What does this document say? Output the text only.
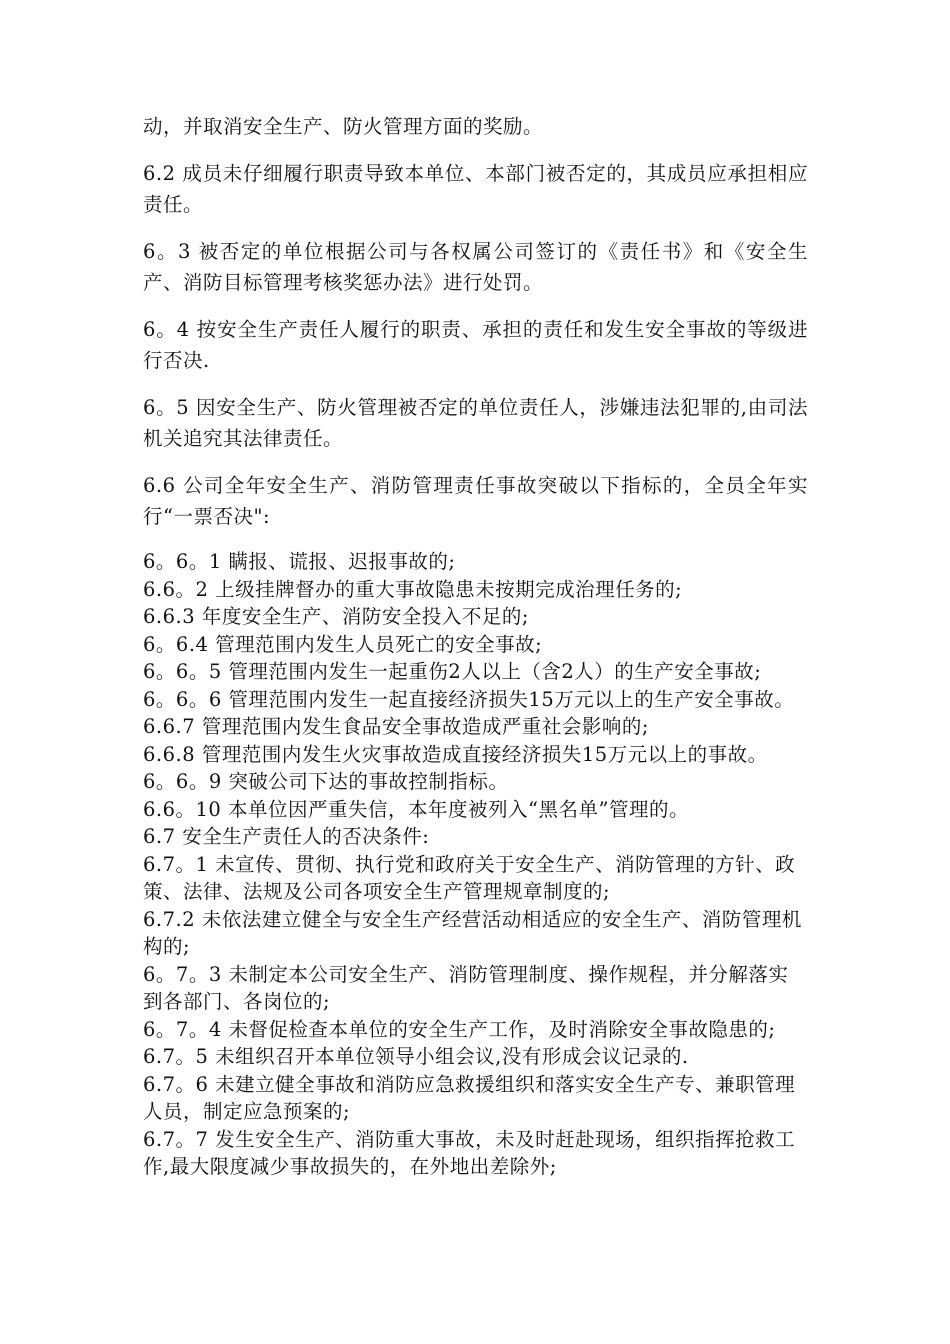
动，并取消安全生产、防火管理方面的奖励。

6.2 成员未仔细履行职责导致本单位、本部门被否定的，其成员应承担相应责任。

6。3 被否定的单位根据公司与各权属公司签订的《责任书》和《安全生产、消防目标管理考核奖惩办法》进行处罚。

6。4 按安全生产责任人履行的职责、承担的责任和发生安全事故的等级进行否决.

6。5 因安全生产、防火管理被否定的单位责任人，涉嫌违法犯罪的,由司法机关追究其法律责任。

6.6 公司全年安全生产、消防管理责任事故突破以下指标的，全员全年实行“一票否决":

6。6。1 瞒报、谎报、迟报事故的;

6.6。2 上级挂牌督办的重大事故隐患未按期完成治理任务的;

6.6.3 年度安全生产、消防安全投入不足的;

6。6.4 管理范围内发生人员死亡的安全事故;

6。6。5 管理范围内发生一起重伤2人以上（含2人）的生产安全事故;

6。6。6 管理范围内发生一起直接经济损失15万元以上的生产安全事故。

6.6.7 管理范围内发生食品安全事故造成严重社会影响的;

6.6.8 管理范围内发生火灾事故造成直接经济损失15万元以上的事故。

6。6。9 突破公司下达的事故控制指标。

6.6。10 本单位因严重失信，本年度被列入“黑名单”管理的。

6.7 安全生产责任人的否决条件:

6.7。1 未宣传、贯彻、执行党和政府关于安全生产、消防管理的方针、政策、法律、法规及公司各项安全生产管理规章制度的;

6.7.2 未依法建立健全与安全生产经营活动相适应的安全生产、消防管理机构的;

6。7。3 未制定本公司安全生产、消防管理制度、操作规程，并分解落实到各部门、各岗位的;

6。7。4 未督促检查本单位的安全生产工作，及时消除安全事故隐患的;

6.7。5 未组织召开本单位领导小组会议,没有形成会议记录的.

6.7。6 未建立健全事故和消防应急救援组织和落实安全生产专、兼职管理人员，制定应急预案的;

6.7。7 发生安全生产、消防重大事故，未及时赶赴现场，组织指挥抢救工作,最大限度减少事故损失的，在外地出差除外;
